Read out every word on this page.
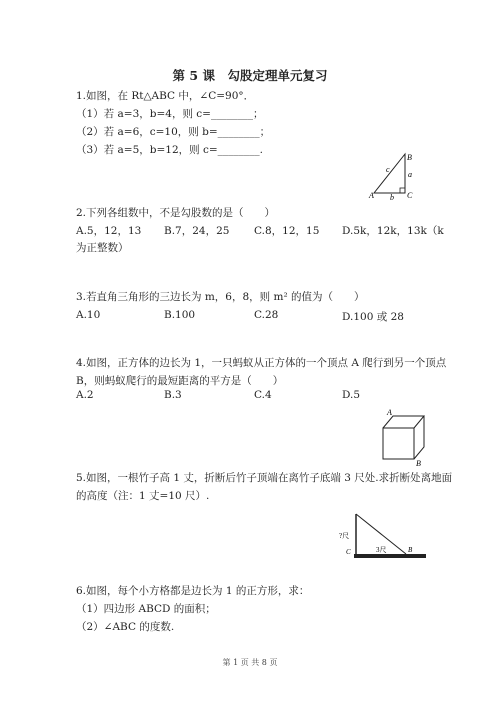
第 5 课　勾股定理单元复习
1.如图，在 Rt△ABC 中，∠C=90°．
（1）若 a=3，b=4，则 c=________；
（2）若 a=6，c=10，则 b=________；
（3）若 a=5，b=12，则 c=________.
A
B
C
a
b
c
2.下列各组数中，不是勾股数的是（　　）
A.5，12，13 B.7，24，25 C.8，12，15 D.5k，12k，13k（k
为正整数）
3.若直角三角形的三边长为 m，6，8，则 m² 的值为（　　）
A.10	B.100	C.28	D.100 或 28
4.如图，正方体的边长为 1，一只蚂蚁从正方体的一个顶点 A 爬行到另一个顶点
B，则蚂蚁爬行的最短距离的平方是（　　）
A.2	B.3	C.4	D.5
A
B
5.如图，一根竹子高 1 丈，折断后竹子顶端在离竹子底端 3 尺处.求折断处离地面
的高度（注：1 丈=10 尺）.
?尺
3尺
C	B
6.如图，每个小方格都是边长为 1 的正方形，求：
（1）四边形 ABCD 的面积；
（2）∠ABC 的度数.
第 1 页 共 8 页
